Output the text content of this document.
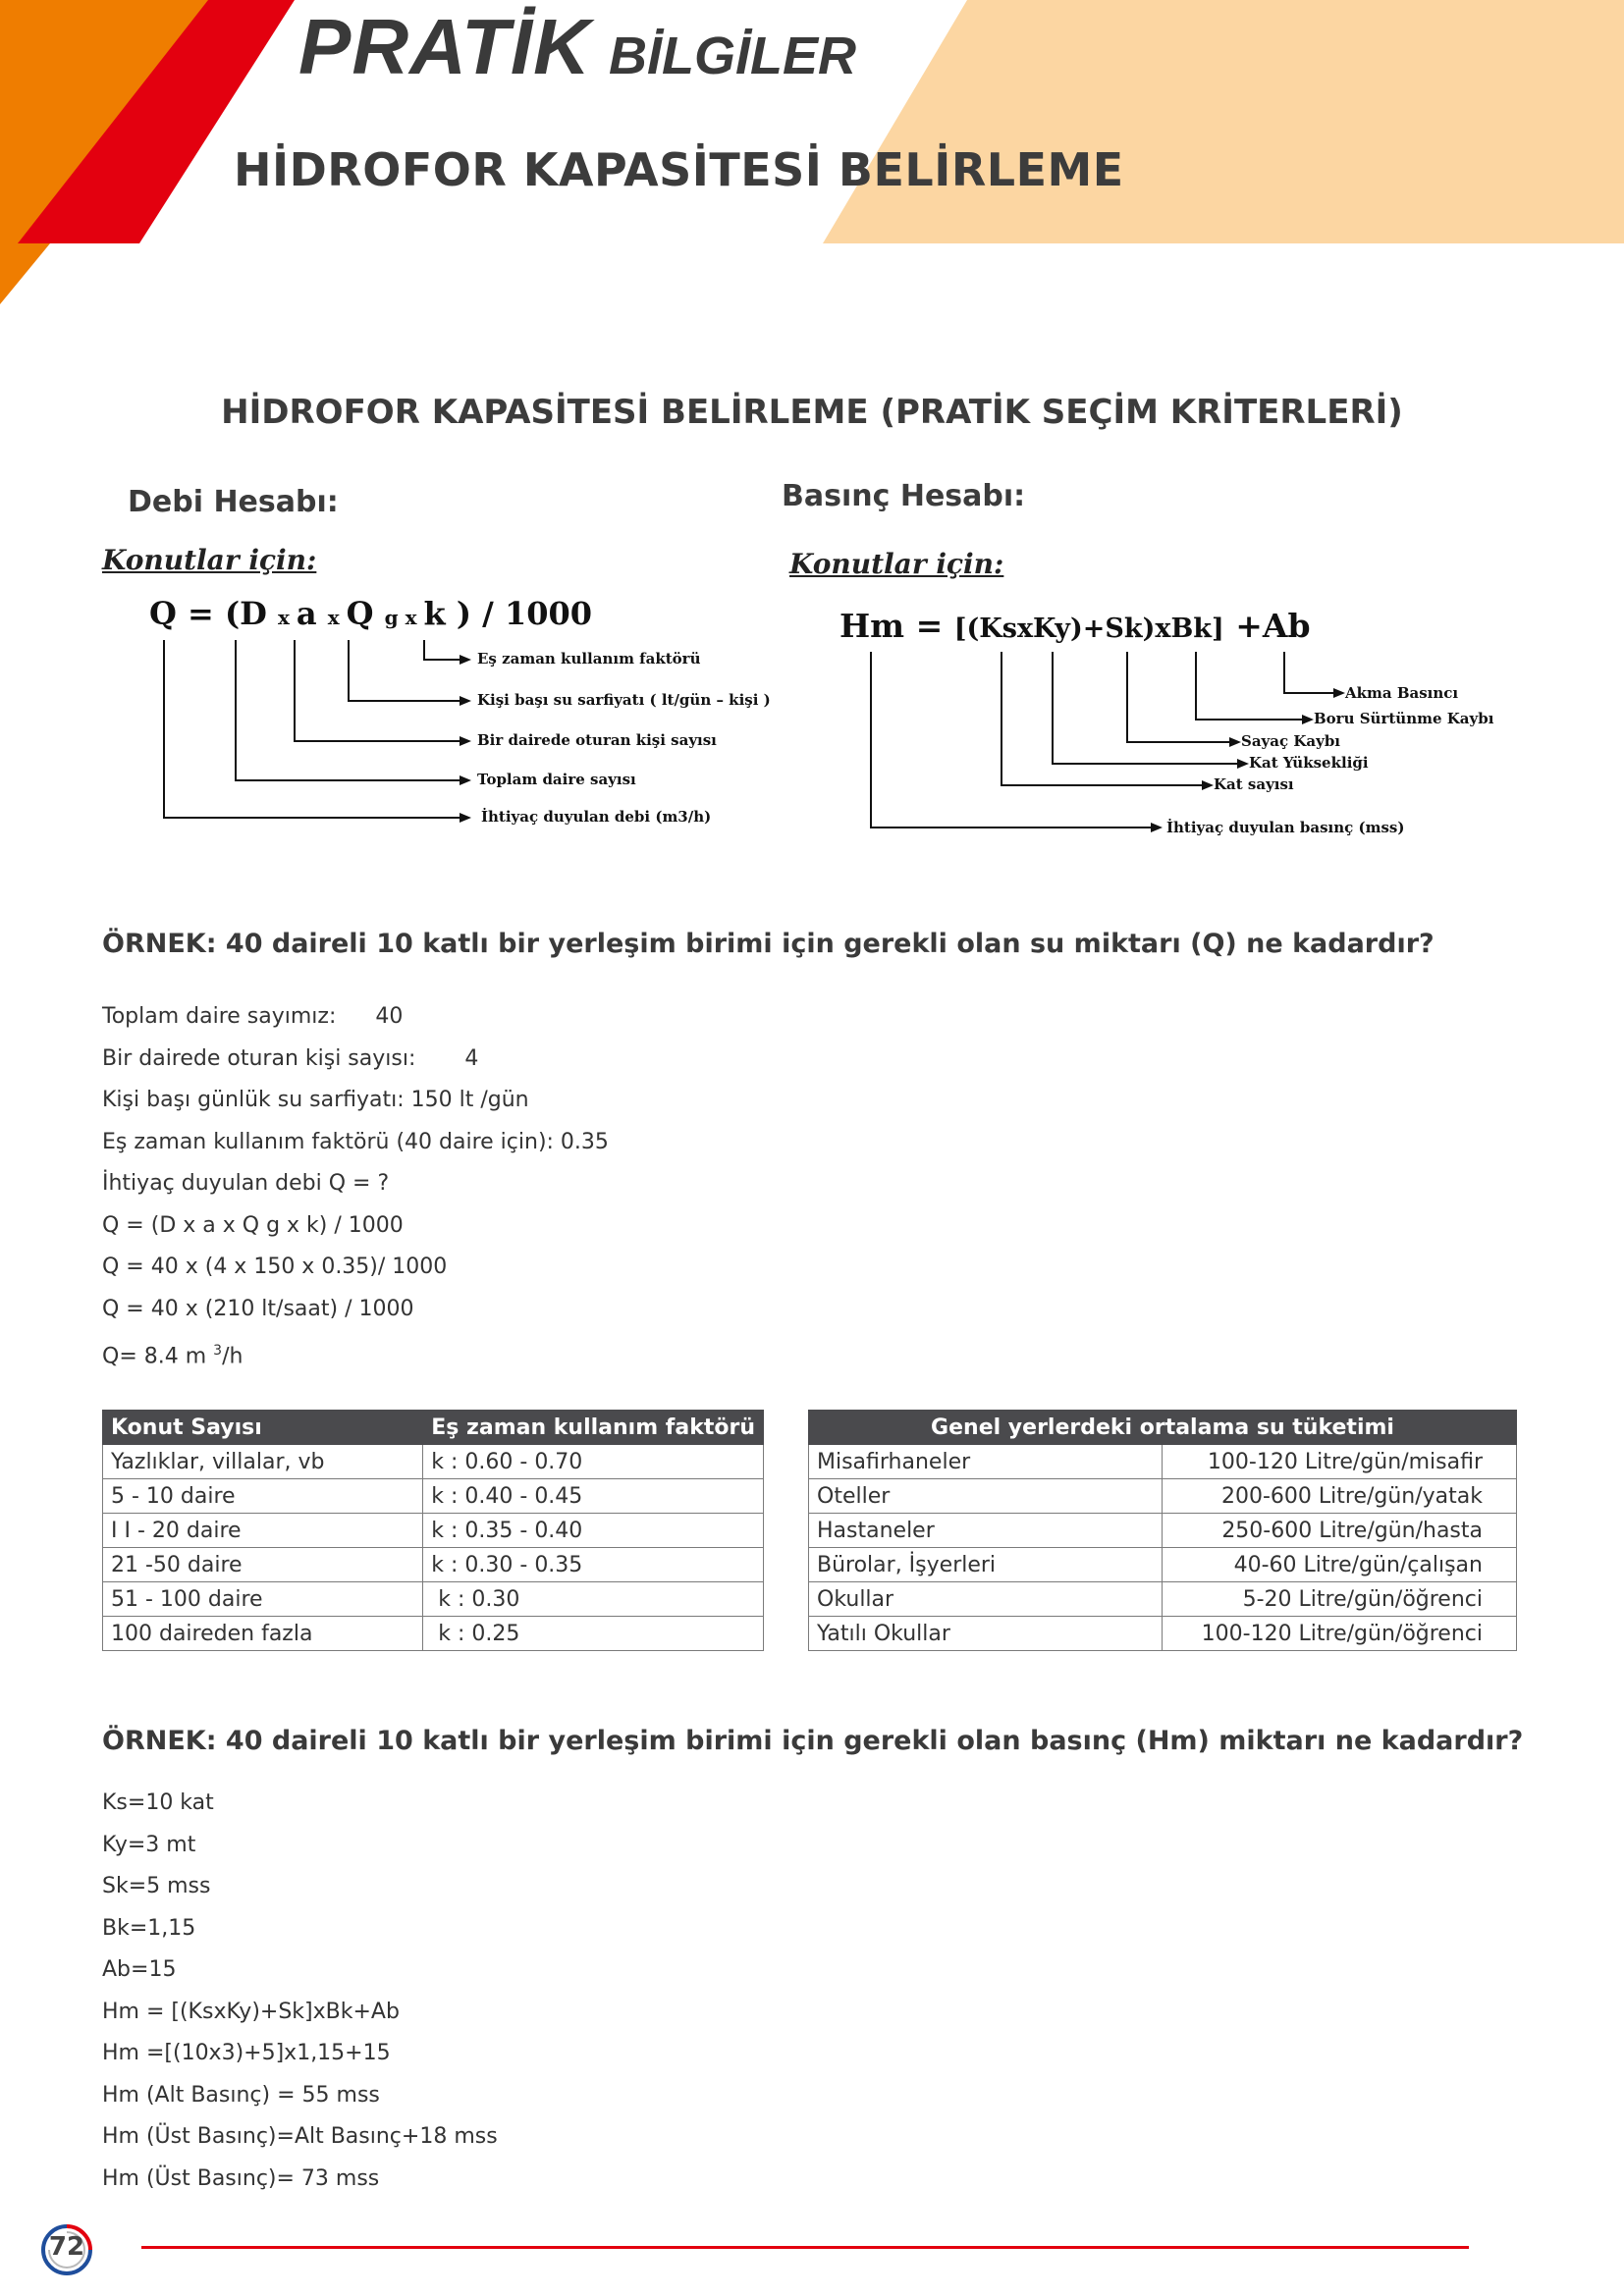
PRATİK BİLGİLER
HİDROFOR KAPASİTESİ BELİRLEME
HİDROFOR KAPASİTESİ BELİRLEME (PRATİK SEÇİM KRİTERLERİ)
Debi Hesabı:
Konutlar için:
Q = (D x a x Q g x k ) / 1000
Eş zaman kullanım faktörü
Kişi başı su sarfiyatı ( lt/gün – kişi )
Bir dairede oturan kişi sayısı
Toplam daire sayısı
İhtiyaç duyulan debi (m3/h)
Basınç Hesabı:
Konutlar için:
Hm = [(KsxKy)+Sk)xBk] +Ab
Akma Basıncı
Boru Sürtünme Kaybı
Sayaç Kaybı
Kat Yüksekliği
Kat sayısı
İhtiyaç duyulan basınç (mss)
ÖRNEK: 40 daireli 10 katlı bir yerleşim birimi için gerekli olan su miktarı (Q) ne kadardır?
Toplam daire sayımız: 40
Bir dairede oturan kişi sayısı: 4
Kişi başı günlük su sarfiyatı: 150 lt /gün
Eş zaman kullanım faktörü (40 daire için): 0.35
İhtiyaç duyulan debi Q = ?
Q = (D x a x Q g x k) / 1000
Q = 40 x (4 x 150 x 0.35)/ 1000
Q = 40 x (210 lt/saat) / 1000
Q= 8.4 m $^3$/h
Konut Sayısı	Eş zaman kullanım faktörü
Yazlıklar, villalar, vb	k : 0.60 - 0.70
5 - 10 daire	k : 0.40 - 0.45
I I - 20 daire	k : 0.35 - 0.40
21 -50 daire	k : 0.30 - 0.35
51 - 100 daire	k : 0.30
100 daireden fazla	k : 0.25
Genel yerlerdeki ortalama su tüketimi	
Misafirhaneler	100-120 Litre/gün/misafir
Oteller	200-600 Litre/gün/yatak
Hastaneler	250-600 Litre/gün/hasta
Bürolar, İşyerleri	40-60 Litre/gün/çalışan
Okullar	5-20 Litre/gün/öğrenci
Yatılı Okullar	100-120 Litre/gün/öğrenci
ÖRNEK: 40 daireli 10 katlı bir yerleşim birimi için gerekli olan basınç (Hm) miktarı ne kadardır?
Ks=10 kat
Ky=3 mt
Sk=5 mss
Bk=1,15
Ab=15
Hm = [(KsxKy)+Sk]xBk+Ab
Hm =[(10x3)+5]x1,15+15
Hm (Alt Basınç) = 55 mss
Hm (Üst Basınç)=Alt Basınç+18 mss
Hm (Üst Basınç)= 73 mss
72
